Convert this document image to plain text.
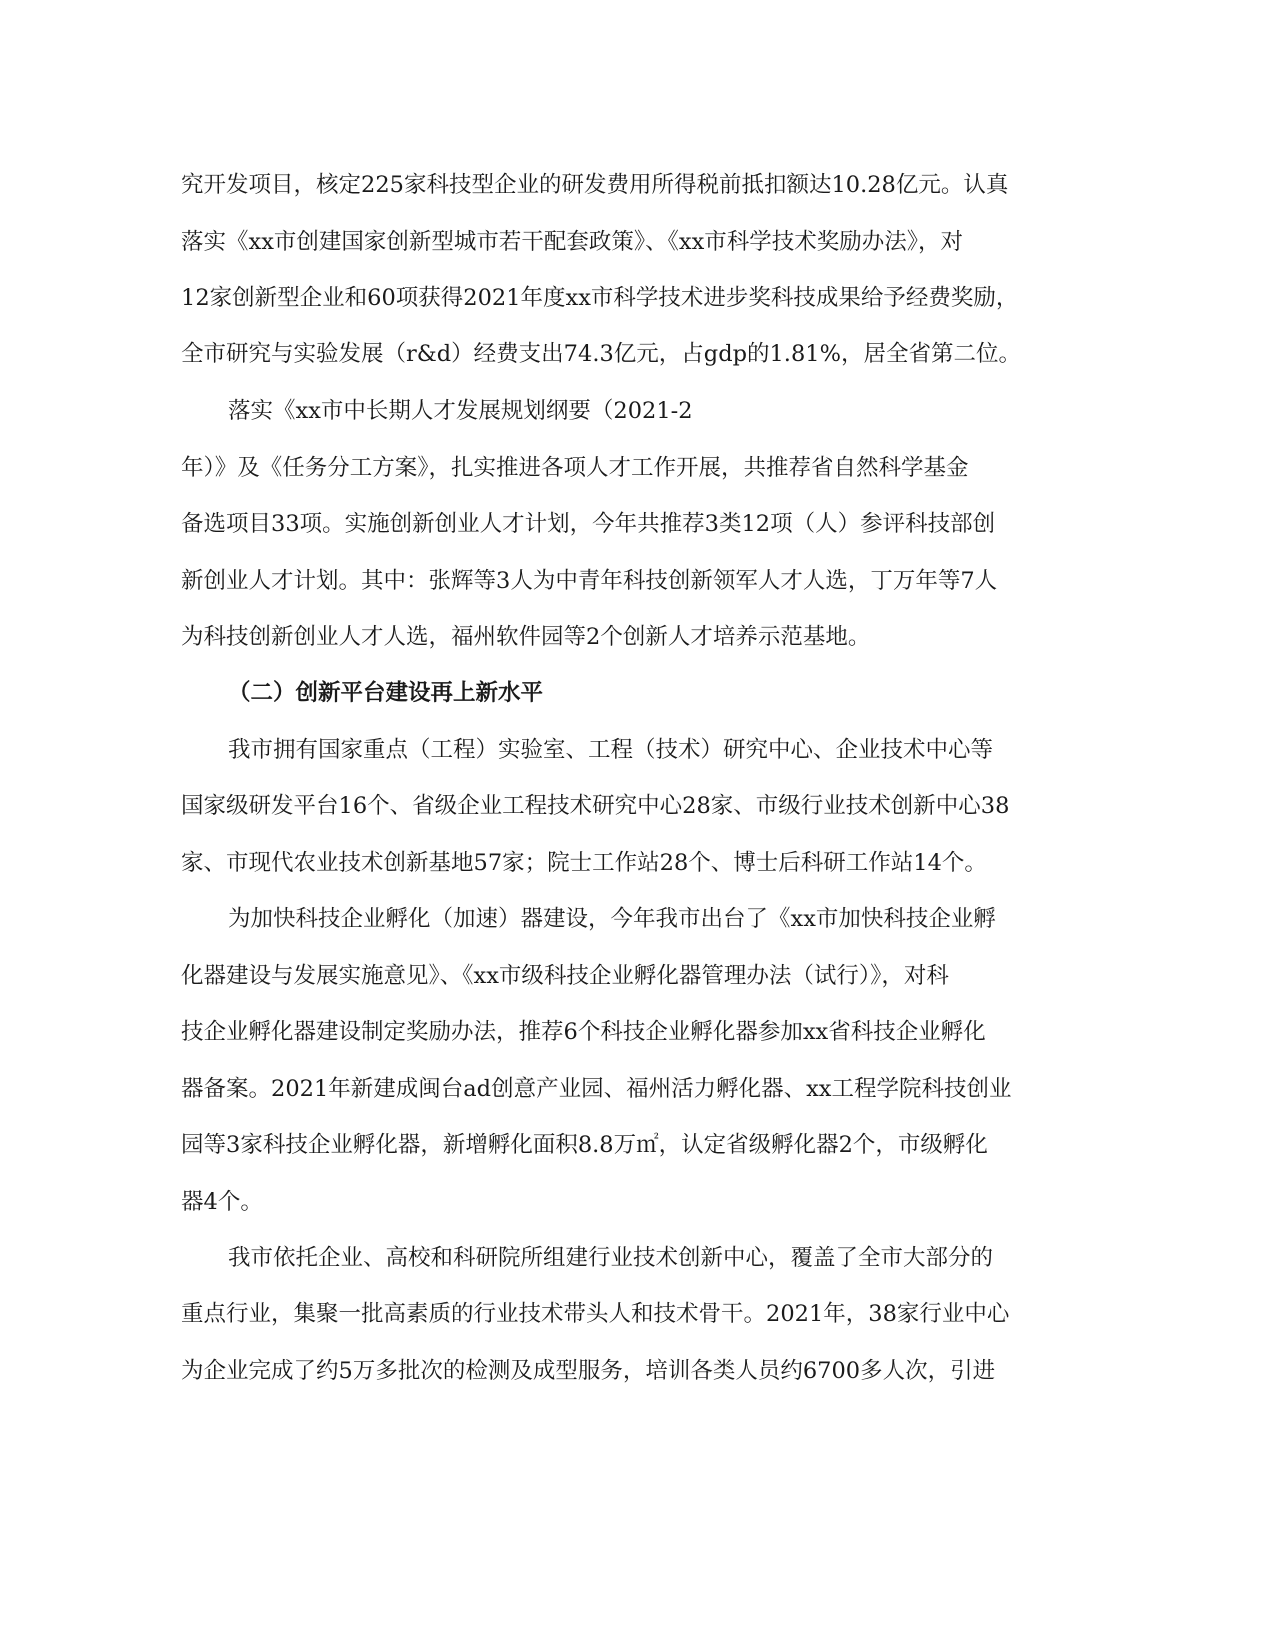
究开发项目，核定225家科技型企业的研发费用所得税前抵扣额达10.28亿元。认真
落实《xx市创建国家创新型城市若干配套政策》、《xx市科学技术奖励办法》，对
12家创新型企业和60项获得2021年度xx市科学技术进步奖科技成果给予经费奖励，
全市研究与实验发展（r&d）经费支出74.3亿元，占gdp的1.81%，居全省第二位。
落实《xx市中长期人才发展规划纲要（2021-2
年）》及《任务分工方案》，扎实推进各项人才工作开展，共推荐省自然科学基金
备选项目33项。实施创新创业人才计划，今年共推荐3类12项（人）参评科技部创
新创业人才计划。其中：张辉等3人为中青年科技创新领军人才人选，丁万年等7人
为科技创新创业人才人选，福州软件园等2个创新人才培养示范基地。
（二）创新平台建设再上新水平
我市拥有国家重点（工程）实验室、工程（技术）研究中心、企业技术中心等
国家级研发平台16个、省级企业工程技术研究中心28家、市级行业技术创新中心38
家、市现代农业技术创新基地57家；院士工作站28个、博士后科研工作站14个。
为加快科技企业孵化（加速）器建设，今年我市出台了《xx市加快科技企业孵
化器建设与发展实施意见》、《xx市级科技企业孵化器管理办法（试行）》，对科
技企业孵化器建设制定奖励办法，推荐6个科技企业孵化器参加xx省科技企业孵化
器备案。2021年新建成闽台ad创意产业园、福州活力孵化器、xx工程学院科技创业
园等3家科技企业孵化器，新增孵化面积8.8万㎡，认定省级孵化器2个，市级孵化
器4个。
我市依托企业、高校和科研院所组建行业技术创新中心，覆盖了全市大部分的
重点行业，集聚一批高素质的行业技术带头人和技术骨干。2021年，38家行业中心
为企业完成了约5万多批次的检测及成型服务，培训各类人员约6700多人次，引进
